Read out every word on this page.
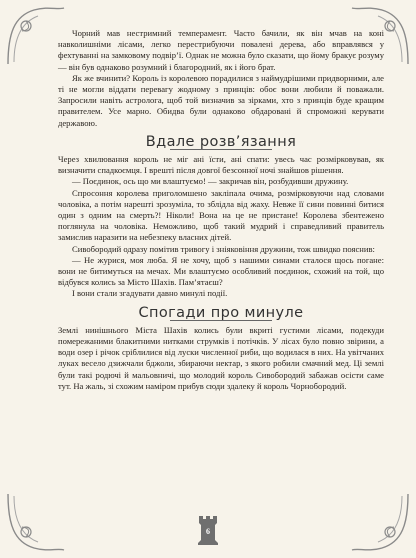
Чорний мав нестримний темперамент. Часто бачили, як він мчав на коні навколишніми лісами, легко перестрибуючи повалені дерева, або вправлявся у фехтуванні на замковому подвір’ї. Однак не можна було сказати, що йому бракує розуму — він був однаково розумний і благородний, як і його брат.

Як же вчинити? Король із королевою порадилися з наймудрішими придворними, але ті не могли віддати перевагу жодному з принців: обоє вони любили й поважали. Запросили навіть астролога, щоб той визначив за зірками, хто з принців буде кращим правителем. Усе марно. Обидва були однаково обдаровані й спроможні керувати державою.

Вдале розв’язання

Через хвилювання король не мiг ані їсти, ані спати: увесь час розмірковував, як визначити спадкоємця. І врешті після довгої безсонної ночі знайшов рішення.

— Поєдинок, ось що ми влаштуємо! — закричав він, розбудивши дружину.

Спросоння королева приголомшено заклiпала очима, розмірковуючи над словами чоловіка, а потім нарешті зрозуміла, то зблідла від жаху. Невже її сини повинні битися один з одним на смерть?! Ніколи! Вона на це не пристане! Королева збентежено поглянула на чоловіка. Неможливо, щоб такий мудрий і справедливий правитель замислив наразити на небезпеку власних дітей.

Сивобородий одразу помітив тривогу і зніяковіння дружини, тож швидко пояснив:

— Не журися, моя люба. Я не хочу, щоб з нашими синами сталося щось погане: вони не битимуться на мечах. Ми влаштуємо особливий поєдинок, схожий на той, що відбувся колись за Місто Шахів. Пам’ятаєш?

І вони стали згадувати давно минулі події.

Спогади про минуле

Землі нинішнього Міста Шахів колись були вкриті густими лісами, подекуди помережаними блакитними нитками струмків і потічків. У лісах було повно звірини, а води озер і річок сріблилися від луски численної риби, що водилася в них. На увiтчаних луках весело дзижчали бджоли, збираючи нектар, з якого робили смачний мед. Ці землі були такі родючі й мальовничі, що молодий король Сивобородий забажав осісти саме тут. На жаль, зі схожим наміром прибув сюди здалеку й король Чорнобородий.

6
